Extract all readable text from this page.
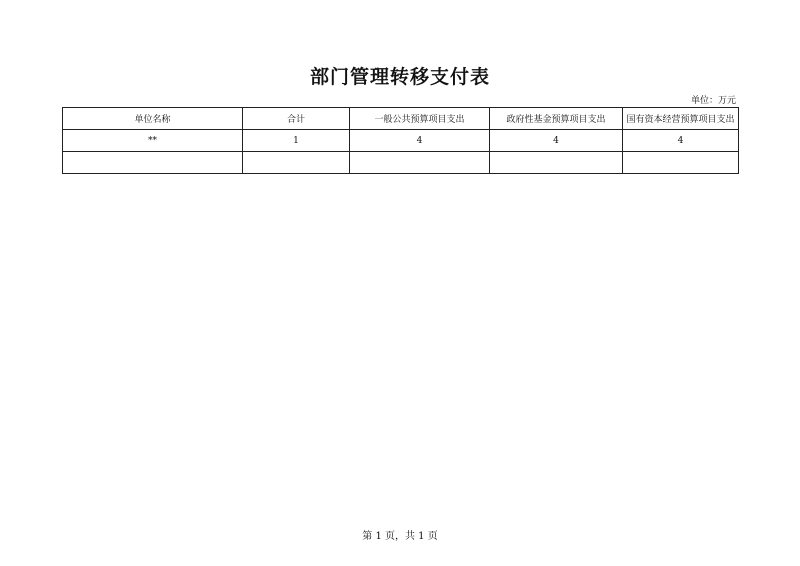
部门管理转移支付表
单位：万元
单位名称	合计	一般公共预算项目支出	政府性基金预算项目支出	国有资本经营预算项目支出
**	1	4	4	4

第 1 页，共 1 页
